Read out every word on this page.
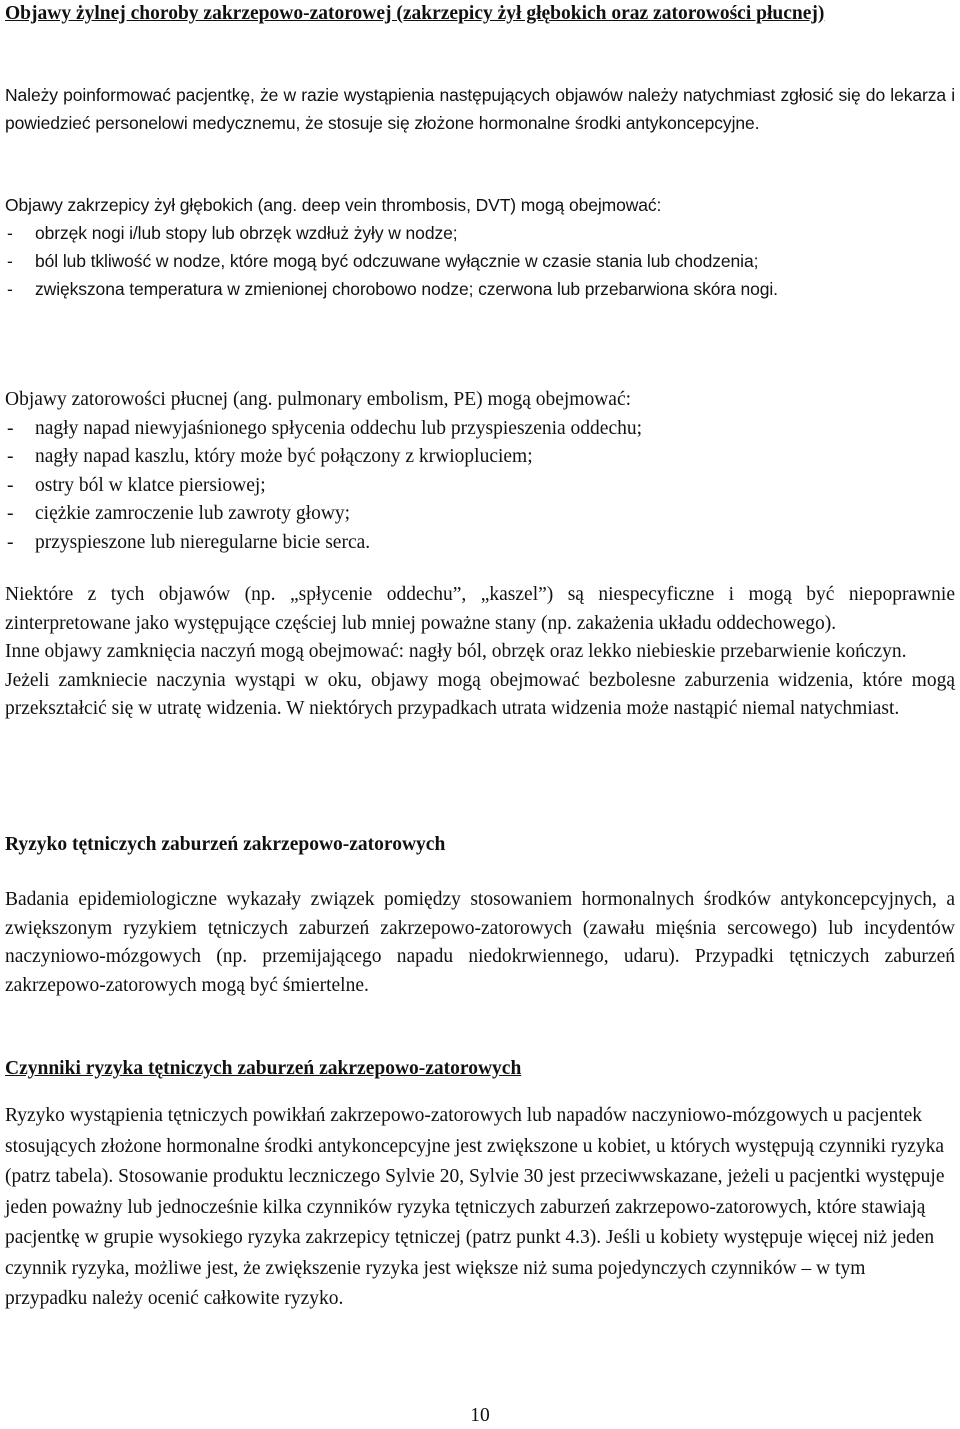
Objawy żylnej choroby zakrzepowo-zatorowej (zakrzepicy żył głębokich oraz zatorowości płucnej)

Należy poinformować pacjentkę, że w razie wystąpienia następujących objawów należy natychmiast zgłosić się do lekarza i powiedzieć personelowi medycznemu, że stosuje się złożone hormonalne środki antykoncepcyjne.

Objawy zakrzepicy żył głębokich (ang. deep vein thrombosis, DVT) mogą obejmować:

- obrzęk nogi i/lub stopy lub obrzęk wzdłuż żyły w nodze;
- ból lub tkliwość w nodze, które mogą być odczuwane wyłącznie w czasie stania lub chodzenia;
- zwiększona temperatura w zmienionej chorobowo nodze; czerwona lub przebarwiona skóra nogi.

Objawy zatorowości płucnej (ang. pulmonary embolism, PE) mogą obejmować:

- nagły napad niewyjaśnionego spłycenia oddechu lub przyspieszenia oddechu;
- nagły napad kaszlu, który może być połączony z krwiopluciem;
- ostry ból w klatce piersiowej;
- ciężkie zamroczenie lub zawroty głowy;
- przyspieszone lub nieregularne bicie serca.

Niektóre z tych objawów (np. „spłycenie oddechu”, „kaszel”) są niespecyficzne i mogą być niepoprawnie zinterpretowane jako występujące częściej lub mniej poważne stany (np. zakażenia układu oddechowego).

Inne objawy zamknięcia naczyń mogą obejmować: nagły ból, obrzęk oraz lekko niebieskie przebarwienie kończyn.

Jeżeli zamkniecie naczynia wystąpi w oku, objawy mogą obejmować bezbolesne zaburzenia widzenia, które mogą przekształcić się w utratę widzenia. W niektórych przypadkach utrata widzenia może nastąpić niemal natychmiast.

Ryzyko tętniczych zaburzeń zakrzepowo-zatorowych

Badania epidemiologiczne wykazały związek pomiędzy stosowaniem hormonalnych środków antykoncepcyjnych, a zwiększonym ryzykiem tętniczych zaburzeń zakrzepowo-zatorowych (zawału mięśnia sercowego) lub incydentów naczyniowo-mózgowych (np. przemijającego napadu niedokrwiennego, udaru). Przypadki tętniczych zaburzeń zakrzepowo-zatorowych mogą być śmiertelne.

Czynniki ryzyka tętniczych zaburzeń zakrzepowo-zatorowych

Ryzyko wystąpienia tętniczych powikłań zakrzepowo-zatorowych lub napadów naczyniowo-mózgowych u pacjentek stosujących złożone hormonalne środki antykoncepcyjne jest zwiększone u kobiet, u których występują czynniki ryzyka (patrz tabela). Stosowanie produktu leczniczego Sylvie 20, Sylvie 30 jest przeciwwskazane, jeżeli u pacjentki występuje jeden poważny lub jednocześnie kilka czynników ryzyka tętniczych zaburzeń zakrzepowo-zatorowych, które stawiają pacjentkę w grupie wysokiego ryzyka zakrzepicy tętniczej (patrz punkt 4.3). Jeśli u kobiety występuje więcej niż jeden czynnik ryzyka, możliwe jest, że zwiększenie ryzyka jest większe niż suma pojedynczych czynników – w tym przypadku należy ocenić całkowite ryzyko.

10
